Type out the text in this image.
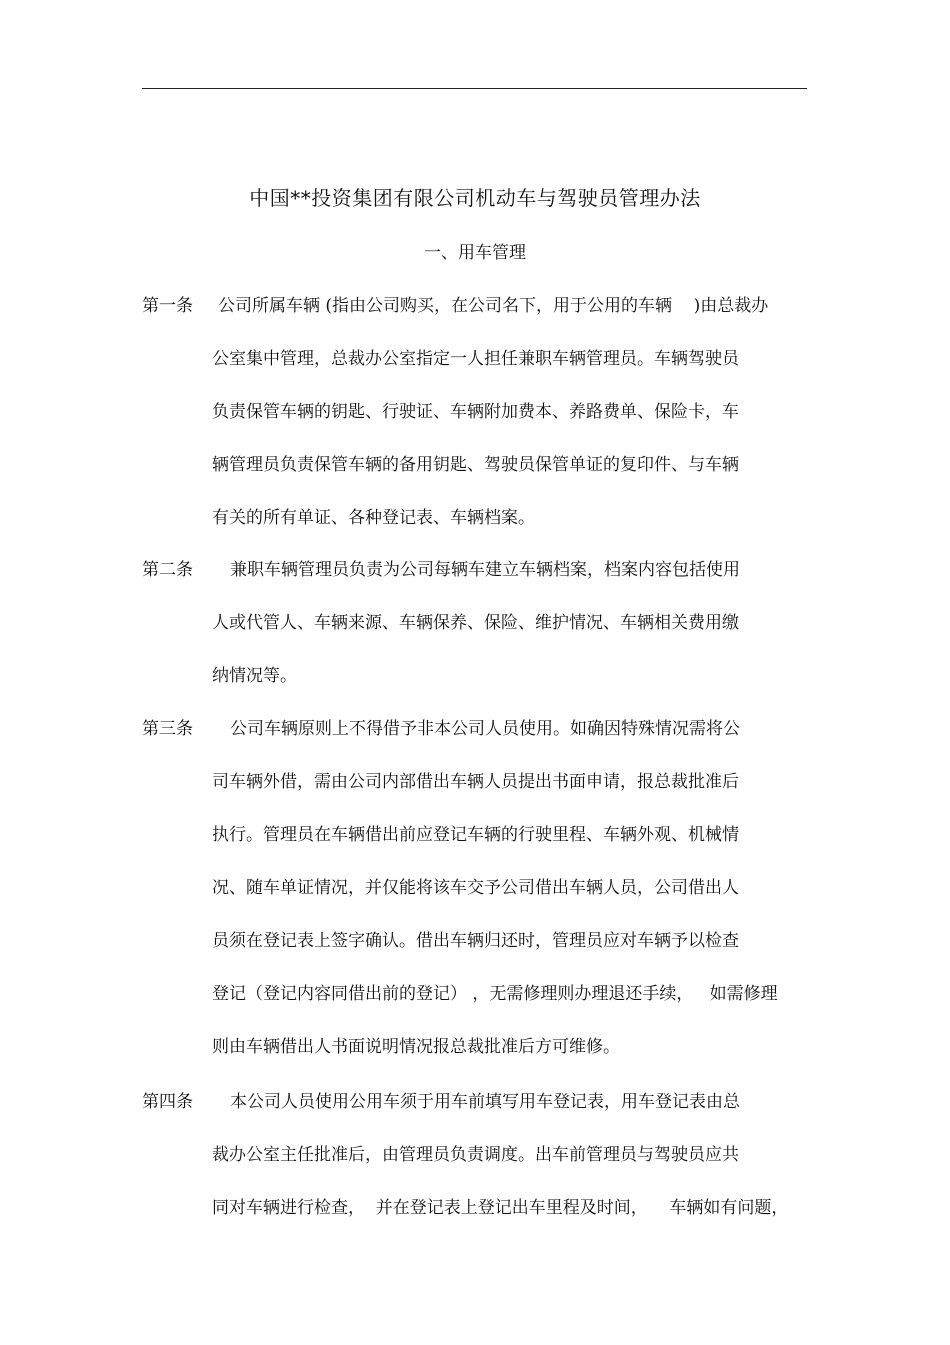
中国**投资集团有限公司机动车与驾驶员管理办法
一、用车管理
第一条 公司所属车辆 (指由公司购买，在公司名下，用于公用的车辆    )由总裁办
公室集中管理，总裁办公室指定一人担任兼职车辆管理员。车辆驾驶员
负责保管车辆的钥匙、行驶证、车辆附加费本、养路费单、保险卡，车
辆管理员负责保管车辆的备用钥匙、驾驶员保管单证的复印件、与车辆
有关的所有单证、各种登记表、车辆档案。
第二条 兼职车辆管理员负责为公司每辆车建立车辆档案，档案内容包括使用
人或代管人、车辆来源、车辆保养、保险、维护情况、车辆相关费用缴
纳情况等。
第三条 公司车辆原则上不得借予非本公司人员使用。如确因特殊情况需将公
司车辆外借，需由公司内部借出车辆人员提出书面申请，报总裁批准后
执行。管理员在车辆借出前应登记车辆的行驶里程、车辆外观、机械情
况、随车单证情况，并仅能将该车交予公司借出车辆人员，公司借出人
员须在登记表上签字确认。借出车辆归还时，管理员应对车辆予以检查
登记（登记内容同借出前的登记） ，无需修理则办理退还手续，   如需修理
则由车辆借出人书面说明情况报总裁批准后方可维修。
第四条 本公司人员使用公用车须于用车前填写用车登记表，用车登记表由总
裁办公室主任批准后，由管理员负责调度。出车前管理员与驾驶员应共
同对车辆进行检查，  并在登记表上登记出车里程及时间，    车辆如有问题，
